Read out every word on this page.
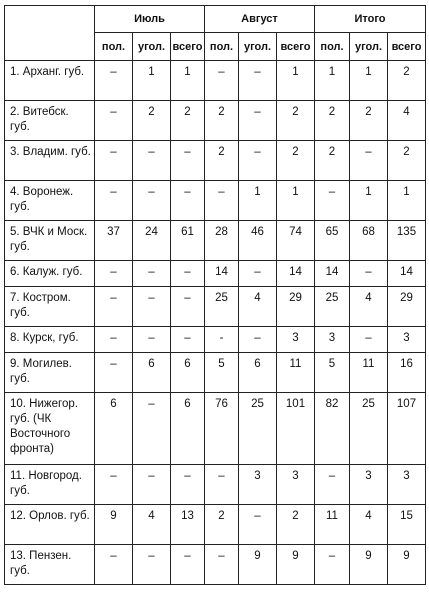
	Июль			Август			Итого		
	пол.	угол.	всего	пол.	угол.	всего	пол.	угол.	всего
1. Арханг. губ.	–	1	1	–	–	1	1	1	2
2. Витебск. губ.	–	2	2	2	–	2	2	2	4
3. Владим. губ.	–	–	–	2	–	2	2	–	2
4. Воронеж. губ.	–	–	–	–	1	1	–	1	1
5. ВЧК и Моск. губ.	37	24	61	28	46	74	65	68	135
6. Калуж. губ.	–	–	–	14	–	14	14	–	14
7. Костром. губ.	–	–	–	25	4	29	25	4	29
8. Курск, губ.	–	–	–	-	–	3	3	–	3
9. Могилев. губ.	–	6	6	5	6	11	5	11	16
10. Нижегор. губ. (ЧК Восточного фронта)	6	–	6	76	25	101	82	25	107
11. Новгород. губ.	–	–	–	–	3	3	–	3	3
12. Орлов. губ.	9	4	13	2	–	2	11	4	15
13. Пензен. губ.	–	–	–	–	9	9	–	9	9
